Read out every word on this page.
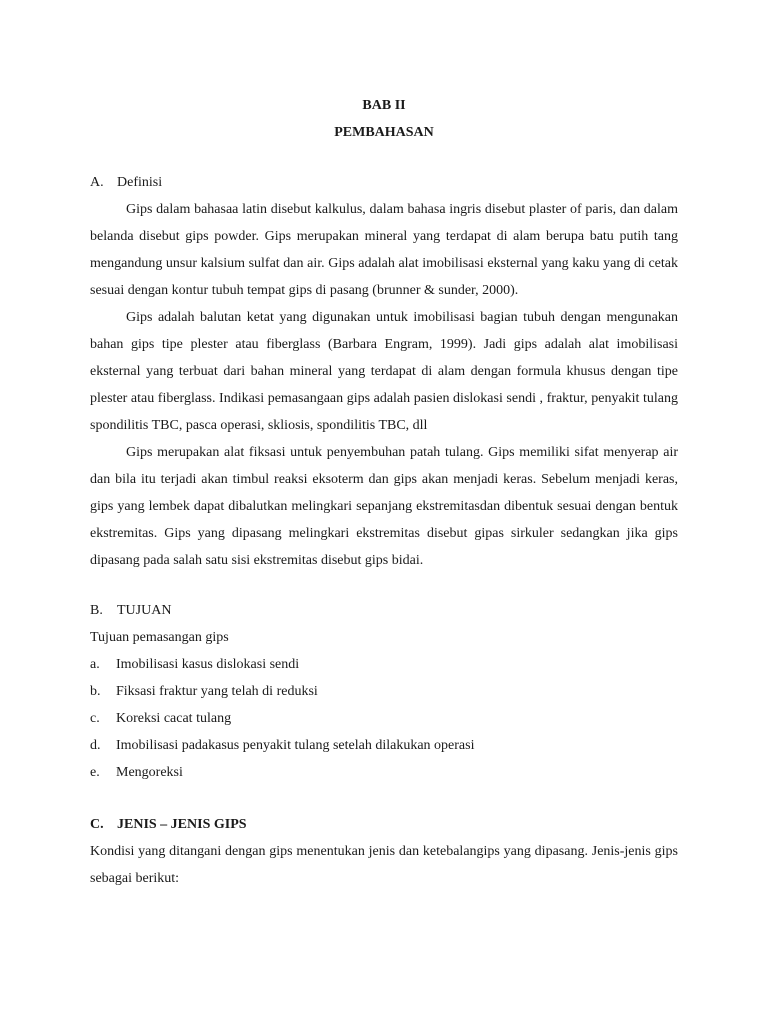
BAB II
PEMBAHASAN
A. Definisi

Gips dalam bahasaa latin disebut kalkulus, dalam bahasa ingris disebut plaster of paris, dan dalam belanda disebut gips powder. Gips merupakan mineral yang terdapat di alam berupa batu putih tang mengandung unsur kalsium sulfat dan air. Gips adalah alat imobilisasi eksternal yang kaku yang di cetak sesuai dengan kontur tubuh tempat gips di pasang (brunner & sunder, 2000).

Gips adalah balutan ketat yang digunakan untuk imobilisasi bagian tubuh dengan mengunakan bahan gips tipe plester atau fiberglass (Barbara Engram, 1999). Jadi gips adalah alat imobilisasi eksternal yang terbuat dari bahan mineral yang terdapat di alam dengan formula khusus dengan tipe plester atau fiberglass. Indikasi pemasangaan gips adalah pasien dislokasi sendi , fraktur, penyakit tulang spondilitis TBC, pasca operasi, skliosis, spondilitis TBC, dll

Gips merupakan alat fiksasi untuk penyembuhan patah tulang. Gips memiliki sifat menyerap air dan bila itu terjadi akan timbul reaksi eksoterm dan gips akan menjadi keras. Sebelum menjadi keras, gips yang lembek dapat dibalutkan melingkari sepanjang ekstremitasdan dibentuk sesuai dengan bentuk ekstremitas. Gips yang dipasang melingkari ekstremitas disebut gipas sirkuler sedangkan jika gips dipasang pada salah satu sisi ekstremitas disebut gips bidai.

B. TUJUAN

Tujuan pemasangan gips

a. Imobilisasi kasus dislokasi sendi
b. Fiksasi fraktur yang telah di reduksi
c. Koreksi cacat tulang
d. Imobilisasi padakasus penyakit tulang setelah dilakukan operasi
e. Mengoreksi
C. JENIS – JENIS GIPS

Kondisi yang ditangani dengan gips menentukan jenis dan ketebalangips yang dipasang. Jenis-jenis gips sebagai berikut:
